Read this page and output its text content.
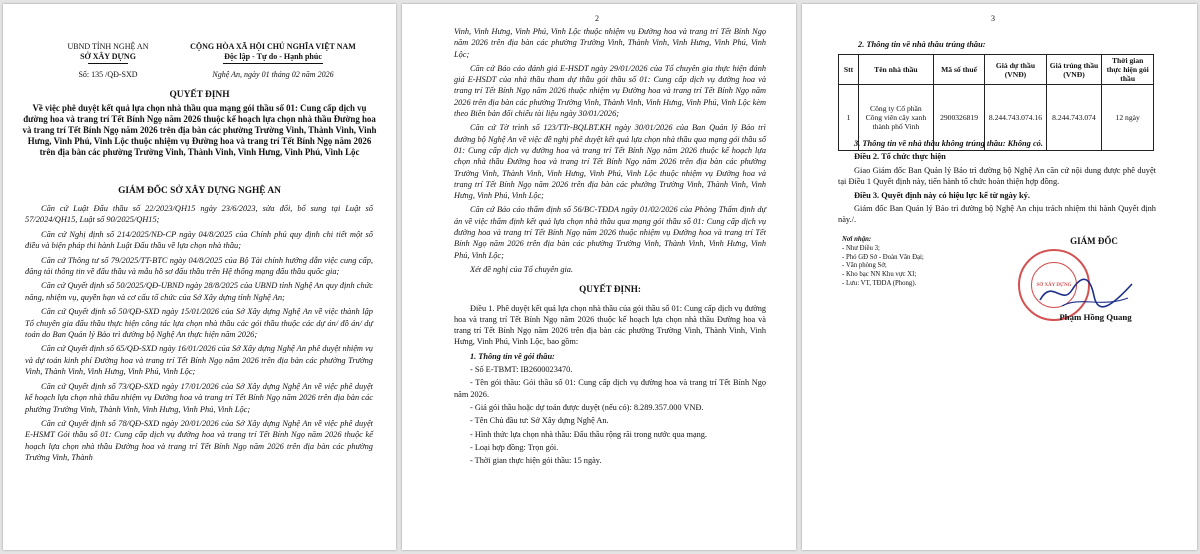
UBND TỈNH NGHỆ AN
SỞ XÂY DỰNG
Số: 135 /QĐ-SXD
CỘNG HÒA XÃ HỘI CHỦ NGHĨA VIỆT NAM
Độc lập - Tự do - Hạnh phúc
Nghệ An, ngày 01 tháng 02 năm 2026
QUYẾT ĐỊNH
Về việc phê duyệt kết quả lựa chọn nhà thầu qua mạng gói thầu số 01: Cung cấp dịch vụ đường hoa và trang trí Tết Bính Ngọ năm 2026 thuộc kế hoạch lựa chọn nhà thầu Đường hoa và trang trí Tết Bính Ngọ năm 2026 trên địa bàn các phường Trường Vinh, Thành Vinh, Vinh Hưng, Vinh Phú, Vinh Lộc thuộc nhiệm vụ Đường hoa và trang trí Tết Bính Ngọ năm 2026 trên địa bàn các phường Trường Vinh, Thành Vinh, Vinh Hưng, Vinh Phú, Vinh Lộc
GIÁM ĐỐC SỞ XÂY DỰNG NGHỆ AN

Căn cứ Luật Đấu thầu số 22/2023/QH15 ngày 23/6/2023, sửa đổi, bổ sung tại Luật số 57/2024/QH15, Luật số 90/2025/QH15;

Căn cứ Nghị định số 214/2025/NĐ-CP ngày 04/8/2025 của Chính phủ quy định chi tiết một số điều và biện pháp thi hành Luật Đấu thầu về lựa chọn nhà thầu;

Căn cứ Thông tư số 79/2025/TT-BTC ngày 04/8/2025 của Bộ Tài chính hướng dẫn việc cung cấp, đăng tải thông tin về đấu thầu và mẫu hồ sơ đấu thầu trên Hệ thống mạng đấu thầu quốc gia;

Căn cứ Quyết định số 50/2025/QĐ-UBND ngày 28/8/2025 của UBND tỉnh Nghệ An quy định chức năng, nhiệm vụ, quyền hạn và cơ cấu tổ chức của Sở Xây dựng tỉnh Nghệ An;

Căn cứ Quyết định số 50/QĐ-SXD ngày 15/01/2026 của Sở Xây dựng Nghệ An về việc thành lập Tổ chuyên gia đấu thầu thực hiện công tác lựa chọn nhà thầu các gói thầu thuộc các dự án/ đồ án/ dự toán do Ban Quản lý Bảo trì đường bộ Nghệ An thực hiện năm 2026;

Căn cứ Quyết định số 65/QĐ-SXD ngày 16/01/2026 của Sở Xây dựng Nghệ An phê duyệt nhiệm vụ và dự toán kinh phí Đường hoa và trang trí Tết Bính Ngọ năm 2026 trên địa bàn các phường Trường Vinh, Thành Vinh, Vinh Hưng, Vinh Phú, Vinh Lộc;

Căn cứ Quyết định số 73/QĐ-SXD ngày 17/01/2026 của Sở Xây dựng Nghệ An về việc phê duyệt kế hoạch lựa chọn nhà thầu nhiệm vụ Đường hoa và trang trí Tết Bính Ngọ năm 2026 trên địa bàn các phường Trường Vinh, Thành Vinh, Vinh Hưng, Vinh Phú, Vinh Lộc;

Căn cứ Quyết định số 78/QĐ-SXD ngày 20/01/2026 của Sở Xây dựng Nghệ An về việc phê duyệt E-HSMT Gói thầu số 01: Cung cấp dịch vụ đường hoa và trang trí Tết Bính Ngọ năm 2026 thuộc kế hoạch lựa chọn nhà thầu Đường hoa và trang trí Tết Bính Ngọ năm 2026 trên địa bàn các phường Trường Vinh, Thành

2

Vinh, Vinh Hưng, Vinh Phú, Vinh Lộc thuộc nhiệm vụ Đường hoa và trang trí Tết Bính Ngọ năm 2026 trên địa bàn các phường Trường Vinh, Thành Vinh, Vinh Hưng, Vinh Phú, Vinh Lộc;

Căn cứ Báo cáo đánh giá E-HSDT ngày 29/01/2026 của Tổ chuyên gia thực hiện đánh giá E-HSDT của nhà thầu tham dự thầu gói thầu số 01: Cung cấp dịch vụ đường hoa và trang trí Tết Bính Ngọ năm 2026 thuộc nhiệm vụ Đường hoa và trang trí Tết Bính Ngọ năm 2026 trên địa bàn các phường Trường Vinh, Thành Vinh, Vinh Hưng, Vinh Phú, Vinh Lộc kèm theo Biên bản đối chiếu tài liệu ngày 30/01/2026;

Căn cứ Tờ trình số 123/TTr-BQLBT.KH ngày 30/01/2026 của Ban Quản lý Bảo trì đường bộ Nghệ An về việc đề nghị phê duyệt kết quả lựa chọn nhà thầu qua mạng gói thầu số 01: Cung cấp dịch vụ đường hoa và trang trí Tết Bính Ngọ năm 2026 thuộc kế hoạch lựa chọn nhà thầu Đường hoa và trang trí Tết Bính Ngọ năm 2026 trên địa bàn các phường Trường Vinh, Thành Vinh, Vinh Hưng, Vinh Phú, Vinh Lộc thuộc nhiệm vụ Đường hoa và trang trí Tết Bính Ngọ năm 2026 trên địa bàn các phường Trường Vinh, Thành Vinh, Vinh Hưng, Vinh Phú, Vinh Lộc;

Căn cứ Báo cáo thẩm định số 56/BC-TĐDA ngày 01/02/2026 của Phòng Thẩm định dự án về việc thẩm định kết quả lựa chọn nhà thầu qua mạng gói thầu số 01: Cung cấp dịch vụ đường hoa và trang trí Tết Bính Ngọ năm 2026 thuộc nhiệm vụ Đường hoa và trang trí Tết Bính Ngọ năm 2026 trên địa bàn các phường Trường Vinh, Thành Vinh, Vinh Hưng, Vinh Phú, Vinh Lộc;

Xét đề nghị của Tổ chuyên gia.

QUYẾT ĐỊNH:

Điều 1. Phê duyệt kết quả lựa chọn nhà thầu của gói thầu số 01: Cung cấp dịch vụ đường hoa và trang trí Tết Bính Ngọ năm 2026 thuộc kế hoạch lựa chọn nhà thầu Đường hoa và trang trí Tết Bính Ngọ năm 2026 trên địa bàn các phường Trường Vinh, Thành Vinh, Vinh Hưng, Vinh Phú, Vinh Lộc, bao gồm:

1. Thông tin về gói thầu:

- Số E-TBMT: IB2600023470.

- Tên gói thầu: Gói thầu số 01: Cung cấp dịch vụ đường hoa và trang trí Tết Bính Ngọ năm 2026.

- Giá gói thầu hoặc dự toán được duyệt (nếu có): 8.289.357.000 VNĐ.

- Tên Chủ đầu tư: Sở Xây dựng Nghệ An.

- Hình thức lựa chọn nhà thầu: Đấu thầu rộng rãi trong nước qua mạng.

- Loại hợp đồng: Trọn gói.

- Thời gian thực hiện gói thầu: 15 ngày.

3
2. Thông tin về nhà thầu trúng thầu:
Stt	Tên nhà thầu	Mã số thuế	Giá dự thầu (VNĐ)	Giá trúng thầu (VNĐ)	Thời gian thực hiện gói thầu
1	Công ty Cổ phần Công viên cây xanh thành phố Vinh	2900326819	8.244.743.074.16	8.244.743.074	12 ngày

3. Thông tin về nhà thầu không trúng thầu: Không có.

Điều 2. Tổ chức thực hiện

Giao Giám đốc Ban Quản lý Bảo trì đường bộ Nghệ An căn cứ nội dung được phê duyệt tại Điều 1 Quyết định này, tiến hành tổ chức hoàn thiện hợp đồng.

Điều 3. Quyết định này có hiệu lực kể từ ngày ký.

Giám đốc Ban Quản lý Bảo trì đường bộ Nghệ An chịu trách nhiệm thi hành Quyết định này./.

Nơi nhận:
- Như Điều 3;
- Phó GĐ Sở - Đoàn Văn Đại;
- Văn phòng Sở;
- Kho bạc NN Khu vực XI;
- Lưu: VT, TĐDA (Phong).
GIÁM ĐỐC
SỞ XÂY DỰNG
Phạm Hồng Quang
